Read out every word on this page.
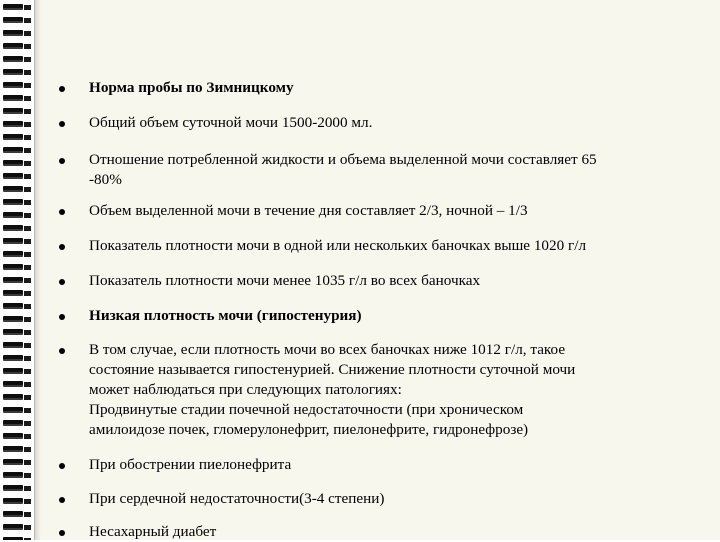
Норма пробы по Зимницкому
Общий объем суточной мочи 1500-2000 мл.
Отношение потребленной жидкости и объема выделенной мочи составляет 65
-80%
Объем выделенной мочи в течение дня составляет 2/3, ночной – 1/3
Показатель плотности мочи в одной или нескольких баночках выше 1020 г/л
Показатель плотности мочи менее 1035 г/л во всех баночках
Низкая плотность мочи (гипостенурия)
В том случае, если плотность мочи во всех баночках ниже 1012 г/л, такое
состояние называется гипостенурией. Снижение плотности суточной мочи
может наблюдаться при следующих патологиях:
Продвинутые стадии почечной недостаточности (при хроническом
амилоидозе почек, гломерулонефрит, пиелонефрите, гидронефрозе)
При обострении пиелонефрита
При сердечной недостаточности(3-4 степени)
Несахарный диабет
